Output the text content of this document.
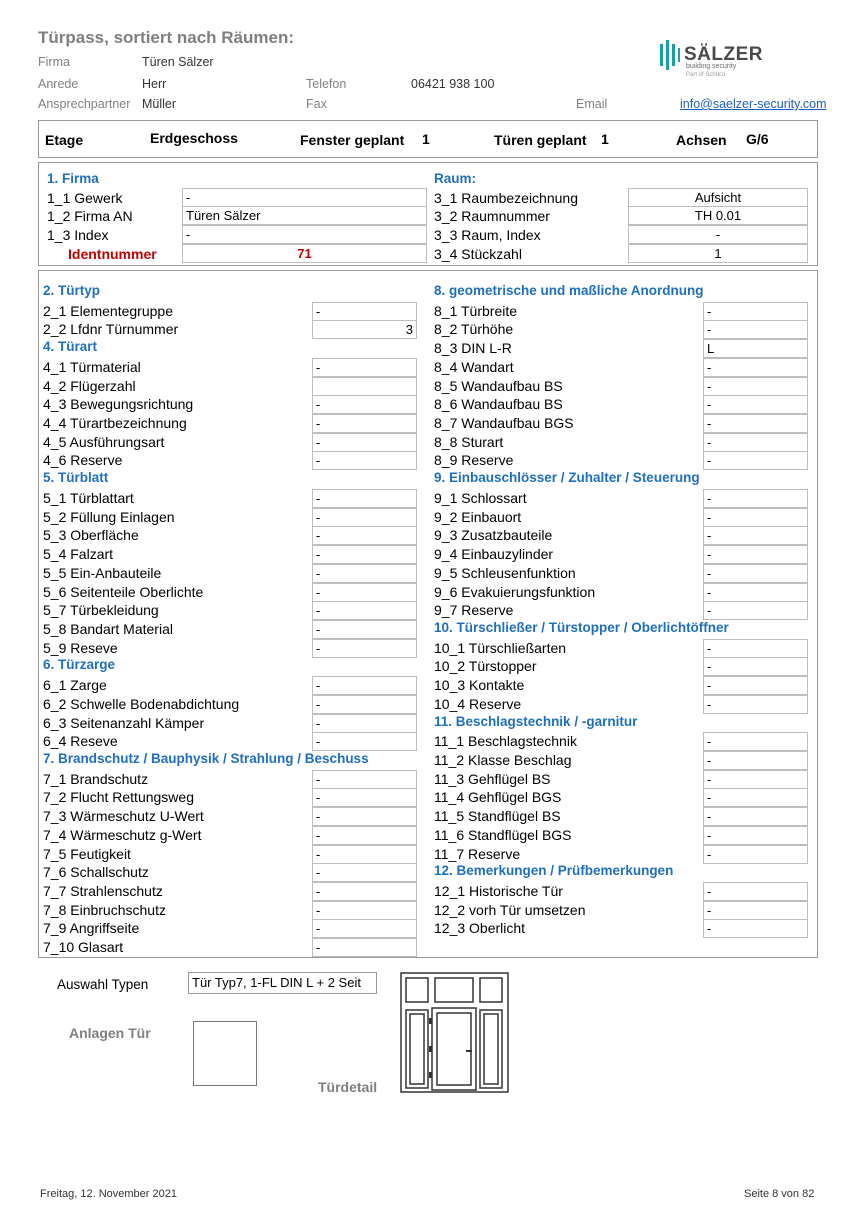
Türpass, sortiert nach Räumen:
Firma	Türen Sälzer
Anrede	Herr	Telefon	06421 938 100
Ansprechpartner Müller	Fax	Email	info@saelzer-security.com
SÄLZER
building security
Part of Schüco
Etage	Erdgeschoss	Fenster geplant 1	Türen geplant 1	Achsen G/6
1. Firma
1_1 Gewerk	-
1_2 Firma AN	Türen Sälzer
1_3 Index	-
Identnummer	71
Raum:
3_1 Raumbezeichnung	Aufsicht
3_2 Raumnummer	TH 0.01
3_3 Raum, Index	-
3_4 Stückzahl	1
2. Türtyp
2_1 Elementegruppe	-
2_2 Lfdnr Türnummer	3
4. Türart
4_1 Türmaterial	-
4_2 Flügerzahl
4_3 Bewegungsrichtung	-
4_4 Türartbezeichnung	-
4_5 Ausführungsart	-
4_6 Reserve	-
5. Türblatt
5_1 Türblattart	-
5_2 Füllung Einlagen	-
5_3 Oberfläche	-
5_4 Falzart	-
5_5 Ein-Anbauteile	-
5_6 Seitenteile Oberlichte	-
5_7 Türbekleidung	-
5_8 Bandart Material	-
5_9 Reseve	-
6. Türzarge
6_1 Zarge	-
6_2 Schwelle Bodenabdichtung	-
6_3 Seitenanzahl Kämper	-
6_4 Reseve	-
7. Brandschutz / Bauphysik / Strahlung / Beschuss
7_1 Brandschutz	-
7_2 Flucht Rettungsweg	-
7_3 Wärmeschutz U-Wert	-
7_4 Wärmeschutz g-Wert	-
7_5 Feutigkeit	-
7_6 Schallschutz	-
7_7 Strahlenschutz	-
7_8 Einbruchschutz	-
7_9 Angriffseite	-
7_10 Glasart	-
8. geometrische und maßliche Anordnung
8_1 Türbreite	-
8_2 Türhöhe	-
8_3 DIN L-R	L
8_4 Wandart	-
8_5 Wandaufbau BS	-
8_6 Wandaufbau BS	-
8_7 Wandaufbau BGS	-
8_8 Sturart	-
8_9 Reserve	-
9. Einbauschlösser / Zuhalter / Steuerung
9_1 Schlossart	-
9_2 Einbauort	-
9_3 Zusatzbauteile	-
9_4 Einbauzylinder	-
9_5 Schleusenfunktion	-
9_6 Evakuierungsfunktion	-
9_7 Reserve	-
10. Türschließer / Türstopper / Oberlichtöffner
10_1 Türschließarten	-
10_2 Türstopper	-
10_3 Kontakte	-
10_4 Reserve	-
11. Beschlagstechnik / -garnitur
11_1 Beschlagstechnik	-
11_2 Klasse Beschlag	-
11_3 Gehflügel BS	-
11_4 Gehflügel BGS	-
11_5 Standflügel BS	-
11_6 Standflügel BGS	-
11_7 Reserve	-
12. Bemerkungen / Prüfbemerkungen
12_1 Historische Tür	-
12_2 vorh Tür umsetzen	-
12_3 Oberlicht	-
Auswahl Typen	Tür Typ7, 1-FL DIN L + 2 Seit
Anlagen Tür
Türdetail
Freitag, 12. November 2021	Seite 8 von 82
